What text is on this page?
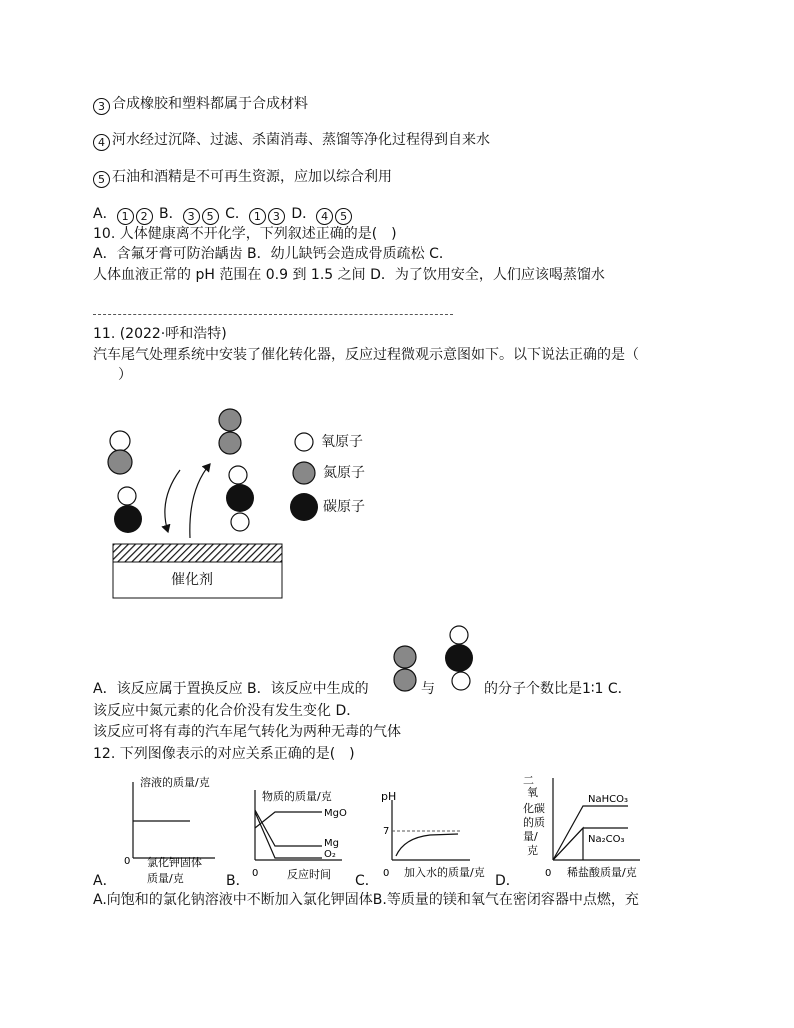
3 合成橡胶和塑料都属于合成材料
4 河水经过沉降、过滤、杀菌消毒、蒸馏等净化过程得到自来水
5 石油和酒精是不可再生资源，应加以综合利用
A． 1 2 B． 3 5 C． 1 3 D． 4 5
10. 人体健康离不开化学，下列叙述正确的是(　)
A．含氟牙膏可防治龋齿 B．幼儿缺钙会造成骨质疏松 C．
人体血液正常的 pH 范围在 0.9 到 1.5 之间 D．为了饮用安全，人们应该喝蒸馏水
11. (2022·呼和浩特)
汽车尾气处理系统中安装了催化转化器，反应过程微观示意图如下。以下说法正确的是（
）
氧原子
氮原子
碳原子
催化剂
A．该反应属于置换反应 B．该反应中生成的	与	的分子个数比是1∶1 C．
该反应中氮元素的化合价没有发生变化 D．
该反应可将有毒的汽车尾气转化为两种无毒的气体
12. 下列图像表示的对应关系正确的是(　)
溶液的质量/克
0 氯化钾固体
质量/克
物质的质量/克
MgO
Mg
O₂
0	反应时间
pH
7
0 加入水的质量/克
二
氧
化碳
的质
量/
克
NaHCO₃
Na₂CO₃
0 稀盐酸质量/克
A．	B．	C．	D．
A.向饱和的氯化钠溶液中不断加入氯化钾固体B.等质量的镁和氧气在密闭容器中点燃，充
